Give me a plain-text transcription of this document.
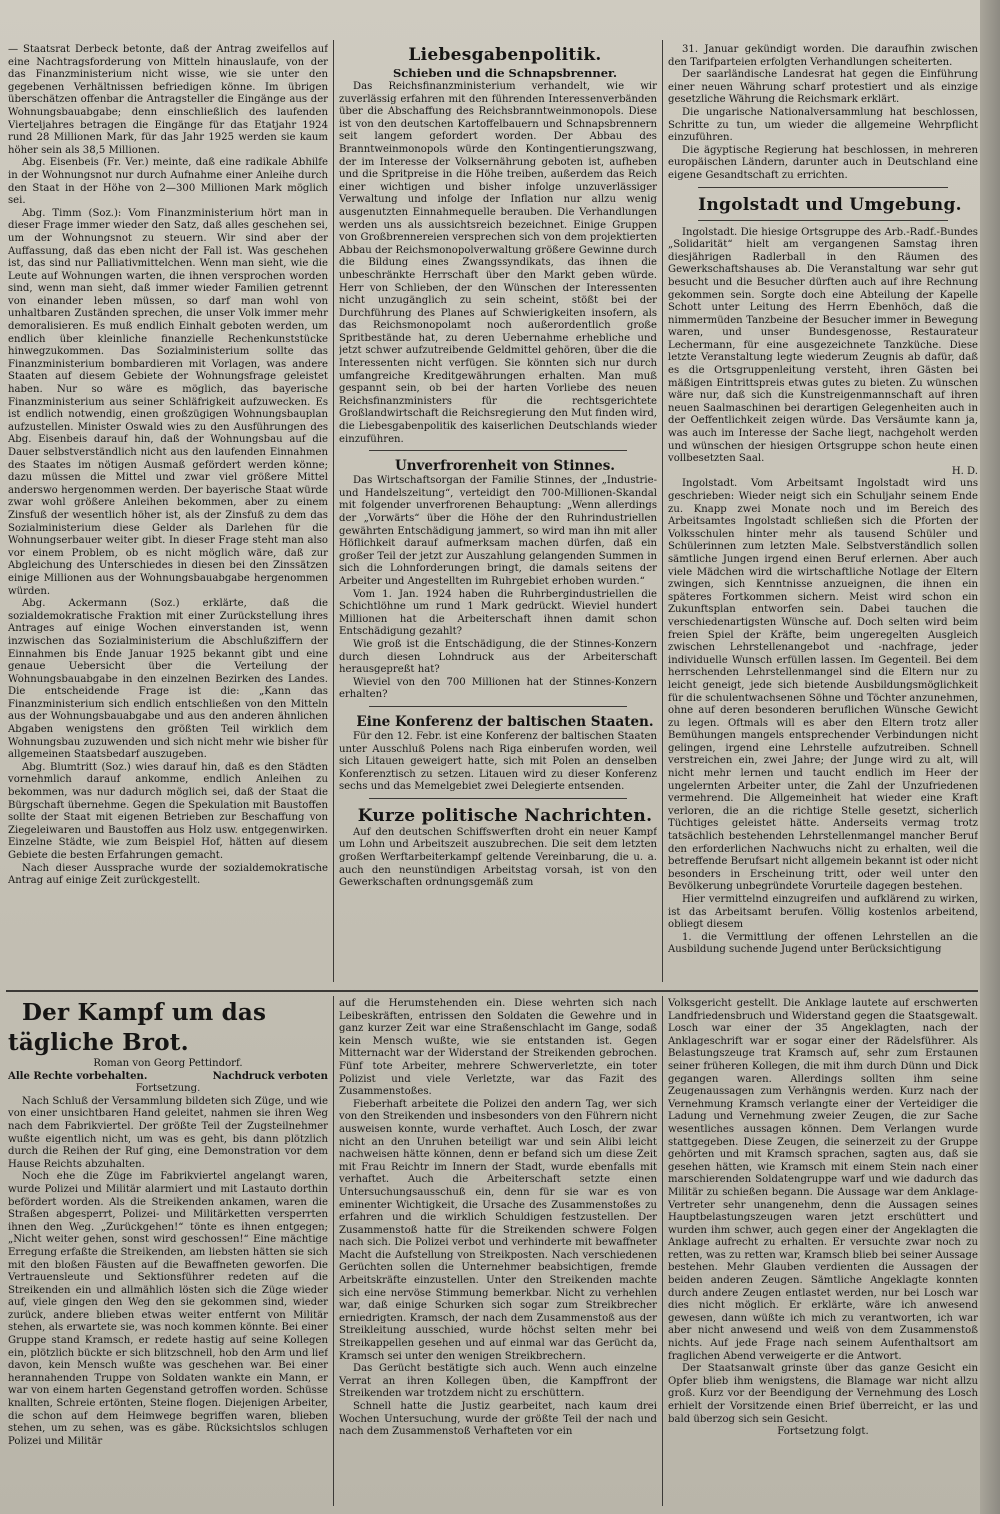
— Staatsrat Derbeck betonte, daß der Antrag zweifellos auf eine Nachtragsforderung von Mitteln hinauslaufe, von der das Finanzministerium nicht wisse, wie sie unter den gegebenen Verhältnissen befriedigen könne. Im übrigen überschätzen offenbar die Antragsteller die Eingänge aus der Wohnungsbauabgabe; denn einschließlich des laufenden Vierteljahres betragen die Eingänge für das Etatjahr 1924 rund 28 Millionen Mark, für das Jahr 1925 werden sie kaum höher sein als 38,5 Millionen.

Abg. Eisenbeis (Fr. Ver.) meinte, daß eine radikale Abhilfe in der Wohnungsnot nur durch Aufnahme einer Anleihe durch den Staat in der Höhe von 2—300 Millionen Mark möglich sei.

Abg. Timm (Soz.): Vom Finanzministerium hört man in dieser Frage immer wieder den Satz, daß alles geschehen sei, um der Wohnungsnot zu steuern. Wir sind aber der Auffassung, daß das eben nicht der Fall ist. Was geschehen ist, das sind nur Palliativmittelchen. Wenn man sieht, wie die Leute auf Wohnungen warten, die ihnen versprochen worden sind, wenn man sieht, daß immer wieder Familien getrennt von einander leben müssen, so darf man wohl von unhaltbaren Zuständen sprechen, die unser Volk immer mehr demoralisieren. Es muß endlich Einhalt geboten werden, um endlich über kleinliche finanzielle Rechenkunststücke hinwegzukommen. Das Sozialministerium sollte das Finanzministerium bombardieren mit Vorlagen, was andere Staaten auf diesem Gebiete der Wohnungsfrage geleistet haben. Nur so wäre es möglich, das bayerische Finanzministerium aus seiner Schläfrigkeit aufzuwecken. Es ist endlich notwendig, einen großzügigen Wohnungsbauplan aufzustellen. Minister Oswald wies zu den Ausführungen des Abg. Eisenbeis darauf hin, daß der Wohnungsbau auf die Dauer selbstverständlich nicht aus den laufenden Einnahmen des Staates im nötigen Ausmaß gefördert werden könne; dazu müssen die Mittel und zwar viel größere Mittel anderswo hergenommen werden. Der bayerische Staat würde zwar wohl größere Anleihen bekommen, aber zu einem Zinsfuß der wesentlich höher ist, als der Zinsfuß zu dem das Sozialministerium diese Gelder als Darlehen für die Wohnungserbauer weiter gibt. In dieser Frage steht man also vor einem Problem, ob es nicht möglich wäre, daß zur Abgleichung des Unterschiedes in diesen bei den Zinssätzen einige Millionen aus der Wohnungsbauabgabe hergenommen würden.

Abg. Ackermann (Soz.) erklärte, daß die sozialdemokratische Fraktion mit einer Zurückstellung ihres Antrages auf einige Wochen einverstanden ist, wenn inzwischen das Sozialministerium die Abschlußziffern der Einnahmen bis Ende Januar 1925 bekannt gibt und eine genaue Uebersicht über die Verteilung der Wohnungsbauabgabe in den einzelnen Bezirken des Landes. Die entscheidende Frage ist die: „Kann das Finanzministerium sich endlich entschließen von den Mitteln aus der Wohnungsbauabgabe und aus den anderen ähnlichen Abgaben wenigstens den größten Teil wirklich dem Wohnungsbau zuzuwenden und sich nicht mehr wie bisher für allgemeinen Staatsbedarf auszugeben.

Abg. Blumtritt (Soz.) wies darauf hin, daß es den Städten vornehmlich darauf ankomme, endlich Anleihen zu bekommen, was nur dadurch möglich sei, daß der Staat die Bürgschaft übernehme. Gegen die Spekulation mit Baustoffen sollte der Staat mit eigenen Betrieben zur Beschaffung von Ziegeleiwaren und Baustoffen aus Holz usw. entgegenwirken. Einzelne Städte, wie zum Beispiel Hof, hätten auf diesem Gebiete die besten Erfahrungen gemacht.

Nach dieser Aussprache wurde der sozialdemokratische Antrag auf einige Zeit zurückgestellt.

Liebesgabenpolitik.

Schieben und die Schnapsbrenner.

Das Reichsfinanzministerium verhandelt, wie wir zuverlässig erfahren mit den führenden Interessenverbänden über die Abschaffung des Reichsbranntweinmonopols. Diese ist von den deutschen Kartoffelbauern und Schnapsbrennern seit langem gefordert worden. Der Abbau des Branntweinmonopols würde den Kontingentierungszwang, der im Interesse der Volksernährung geboten ist, aufheben und die Spritpreise in die Höhe treiben, außerdem das Reich einer wichtigen und bisher infolge unzuverlässiger Verwaltung und infolge der Inflation nur allzu wenig ausgenutzten Einnahmequelle berauben. Die Verhandlungen werden uns als aussichtsreich bezeichnet. Einige Gruppen von Großbrennereien versprechen sich von dem projektierten Abbau der Reichsmonopolverwaltung größere Gewinne durch die Bildung eines Zwangssyndikats, das ihnen die unbeschränkte Herrschaft über den Markt geben würde. Herr von Schlieben, der den Wünschen der Interessenten nicht unzugänglich zu sein scheint, stößt bei der Durchführung des Planes auf Schwierigkeiten insofern, als das Reichsmonopolamt noch außerordentlich große Spritbestände hat, zu deren Uebernahme erhebliche und jetzt schwer aufzutreibende Geldmittel gehören, über die die Interessenten nicht verfügen. Sie könnten sich nur durch umfangreiche Kreditgewährungen erhalten. Man muß gespannt sein, ob bei der harten Vorliebe des neuen Reichsfinanzministers für die rechtsgerichtete Großlandwirtschaft die Reichsregierung den Mut finden wird, die Liebesgabenpolitik des kaiserlichen Deutschlands wieder einzuführen.

Unverfrorenheit von Stinnes.

Das Wirtschaftsorgan der Familie Stinnes, der „Industrie- und Handelszeitung“, verteidigt den 700-Millionen-Skandal mit folgender unverfrorenen Behauptung: „Wenn allerdings der „Vorwärts“ über die Höhe der den Ruhrindustriellen gewährten Entschädigung jammert, so wird man ihn mit aller Höflichkeit darauf aufmerksam machen dürfen, daß ein großer Teil der jetzt zur Auszahlung gelangenden Summen in sich die Lohnforderungen bringt, die damals seitens der Arbeiter und Angestellten im Ruhrgebiet erhoben wurden.“

Vom 1. Jan. 1924 haben die Ruhrbergindustriellen die Schichtlöhne um rund 1 Mark gedrückt. Wieviel hundert Millionen hat die Arbeiterschaft ihnen damit schon Entschädigung gezahlt?

Wie groß ist die Entschädigung, die der Stinnes-Konzern durch diesen Lohndruck aus der Arbeiterschaft herausgepreßt hat?

Wieviel von den 700 Millionen hat der Stinnes-Konzern erhalten?

Eine Konferenz der baltischen Staaten.

Für den 12. Febr. ist eine Konferenz der baltischen Staaten unter Ausschluß Polens nach Riga einberufen worden, weil sich Litauen geweigert hatte, sich mit Polen an denselben Konferenztisch zu setzen. Litauen wird zu dieser Konferenz sechs und das Memelgebiet zwei Delegierte entsenden.

Kurze politische Nachrichten.

Auf den deutschen Schiffswerften droht ein neuer Kampf um Lohn und Arbeitszeit auszubrechen. Die seit dem letzten großen Werftarbeiterkampf geltende Vereinbarung, die u. a. auch den neunstündigen Arbeitstag vorsah, ist von den Gewerkschaften ordnungsgemäß zum

31. Januar gekündigt worden. Die daraufhin zwischen den Tarifparteien erfolgten Verhandlungen scheiterten.

Der saarländische Landesrat hat gegen die Einführung einer neuen Währung scharf protestiert und als einzige gesetzliche Währung die Reichsmark erklärt.

Die ungarische Nationalversammlung hat beschlossen, Schritte zu tun, um wieder die allgemeine Wehrpflicht einzuführen.

Die ägyptische Regierung hat beschlossen, in mehreren europäischen Ländern, darunter auch in Deutschland eine eigene Gesandtschaft zu errichten.

Ingolstadt und Umgebung.

Ingolstadt. Die hiesige Ortsgruppe des Arb.-Radf.-Bundes „Solidarität“ hielt am vergangenen Samstag ihren diesjährigen Radlerball in den Räumen des Gewerkschaftshauses ab. Die Veranstaltung war sehr gut besucht und die Besucher dürften auch auf ihre Rechnung gekommen sein. Sorgte doch eine Abteilung der Kapelle Schott unter Leitung des Herrn Ebenhöch, daß die nimmermüden Tanzbeine der Besucher immer in Bewegung waren, und unser Bundesgenosse, Restaurateur Lechermann, für eine ausgezeichnete Tanzküche. Diese letzte Veranstaltung legte wiederum Zeugnis ab dafür, daß es die Ortsgruppenleitung versteht, ihren Gästen bei mäßigen Eintrittspreis etwas gutes zu bieten. Zu wünschen wäre nur, daß sich die Kunstreigenmannschaft auf ihren neuen Saalmaschinen bei derartigen Gelegenheiten auch in der Oeffentlichkeit zeigen würde. Das Versäumte kann ja, was auch im Interesse der Sache liegt, nachgeholt werden und wünschen der hiesigen Ortsgruppe schon heute einen vollbesetzten Saal.

H. D.

Ingolstadt. Vom Arbeitsamt Ingolstadt wird uns geschrieben: Wieder neigt sich ein Schuljahr seinem Ende zu. Knapp zwei Monate noch und im Bereich des Arbeitsamtes Ingolstadt schließen sich die Pforten der Volksschulen hinter mehr als tausend Schüler und Schülerinnen zum letzten Male. Selbstverständlich sollen sämtliche Jungen irgend einen Beruf erlernen. Aber auch viele Mädchen wird die wirtschaftliche Notlage der Eltern zwingen, sich Kenntnisse anzueignen, die ihnen ein späteres Fortkommen sichern. Meist wird schon ein Zukunftsplan entworfen sein. Dabei tauchen die verschiedenartigsten Wünsche auf. Doch selten wird beim freien Spiel der Kräfte, beim ungeregelten Ausgleich zwischen Lehrstellenangebot und -nachfrage, jeder individuelle Wunsch erfüllen lassen. Im Gegenteil. Bei dem herrschenden Lehrstellenmangel sind die Eltern nur zu leicht geneigt, jede sich bietende Ausbildungsmöglichkeit für die schulentwachsenen Söhne und Töchter anzunehmen, ohne auf deren besonderen beruflichen Wünsche Gewicht zu legen. Oftmals will es aber den Eltern trotz aller Bemühungen mangels entsprechender Verbindungen nicht gelingen, irgend eine Lehrstelle aufzutreiben. Schnell verstreichen ein, zwei Jahre; der Junge wird zu alt, will nicht mehr lernen und taucht endlich im Heer der ungelernten Arbeiter unter, die Zahl der Unzufriedenen vermehrend. Die Allgemeinheit hat wieder eine Kraft verloren, die an die richtige Stelle gesetzt, sicherlich Tüchtiges geleistet hätte. Anderseits vermag trotz tatsächlich bestehenden Lehrstellenmangel mancher Beruf den erforderlichen Nachwuchs nicht zu erhalten, weil die betreffende Berufsart nicht allgemein bekannt ist oder nicht besonders in Erscheinung tritt, oder weil unter den Bevölkerung unbegründete Vorurteile dagegen bestehen.

Hier vermittelnd einzugreifen und aufklärend zu wirken, ist das Arbeitsamt berufen. Völlig kostenlos arbeitend, obliegt diesem

1. die Vermittlung der offenen Lehrstellen an die Ausbildung suchende Jugend unter Berücksichtigung

Der Kampf um das tägliche Brot.

Roman von Georg Pettindorf.

Alle Rechte vorbehalten.	Nachdruck verboten

Fortsetzung.

Nach Schluß der Versammlung bildeten sich Züge, und wie von einer unsichtbaren Hand geleitet, nahmen sie ihren Weg nach dem Fabrikviertel. Der größte Teil der Zugsteilnehmer wußte eigentlich nicht, um was es geht, bis dann plötzlich durch die Reihen der Ruf ging, eine Demonstration vor dem Hause Reichts abzuhalten.

Noch ehe die Züge im Fabrikviertel angelangt waren, wurde Polizei und Militär alarmiert und mit Lastauto dorthin befördert worden. Als die Streikenden ankamen, waren die Straßen abgesperrt, Polizei- und Militärketten versperrten ihnen den Weg. „Zurückgehen!“ tönte es ihnen entgegen; „Nicht weiter gehen, sonst wird geschossen!“ Eine mächtige Erregung erfaßte die Streikenden, am liebsten hätten sie sich mit den bloßen Fäusten auf die Bewaffneten geworfen. Die Vertrauensleute und Sektionsführer redeten auf die Streikenden ein und allmählich lösten sich die Züge wieder auf, viele gingen den Weg den sie gekommen sind, wieder zurück, andere blieben etwas weiter entfernt von Militär stehen, als erwartete sie, was noch kommen könnte. Bei einer Gruppe stand Kramsch, er redete hastig auf seine Kollegen ein, plötzlich bückte er sich blitzschnell, hob den Arm und lief davon, kein Mensch wußte was geschehen war. Bei einer herannahenden Truppe von Soldaten wankte ein Mann, er war von einem harten Gegenstand getroffen worden. Schüsse knallten, Schreie ertönten, Steine flogen. Diejenigen Arbeiter, die schon auf dem Heimwege begriffen waren, blieben stehen, um zu sehen, was es gäbe. Rücksichtslos schlugen Polizei und Militär

auf die Herumstehenden ein. Diese wehrten sich nach Leibeskräften, entrissen den Soldaten die Gewehre und in ganz kurzer Zeit war eine Straßenschlacht im Gange, sodaß kein Mensch wußte, wie sie entstanden ist. Gegen Mitternacht war der Widerstand der Streikenden gebrochen. Fünf tote Arbeiter, mehrere Schwerverletzte, ein toter Polizist und viele Verletzte, war das Fazit des Zusammenstoßes.

Fieberhaft arbeitete die Polizei den andern Tag, wer sich von den Streikenden und insbesonders von den Führern nicht ausweisen konnte, wurde verhaftet. Auch Losch, der zwar nicht an den Unruhen beteiligt war und sein Alibi leicht nachweisen hätte können, denn er befand sich um diese Zeit mit Frau Reichtr im Innern der Stadt, wurde ebenfalls mit verhaftet. Auch die Arbeiterschaft setzte einen Untersuchungsausschuß ein, denn für sie war es von eminenter Wichtigkeit, die Ursache des Zusammenstoßes zu erfahren und die wirklich Schuldigen festzustellen. Der Zusammenstoß hatte für die Streikenden schwere Folgen nach sich. Die Polizei verbot und verhinderte mit bewaffneter Macht die Aufstellung von Streikposten. Nach verschiedenen Gerüchten sollen die Unternehmer beabsichtigen, fremde Arbeitskräfte einzustellen. Unter den Streikenden machte sich eine nervöse Stimmung bemerkbar. Nicht zu verhehlen war, daß einige Schurken sich sogar zum Streikbrecher erniedrigten. Kramsch, der nach dem Zusammenstoß aus der Streikleitung ausschied, wurde höchst selten mehr bei Streikappellen gesehen und auf einmal war das Gerücht da, Kramsch sei unter den wenigen Streikbrechern.

Das Gerücht bestätigte sich auch. Wenn auch einzelne Verrat an ihren Kollegen üben, die Kampffront der Streikenden war trotzdem nicht zu erschüttern.

Schnell hatte die Justiz gearbeitet, nach kaum drei Wochen Untersuchung, wurde der größte Teil der nach und nach dem Zusammenstoß Verhafteten vor ein

Volksgericht gestellt. Die Anklage lautete auf erschwerten Landfriedensbruch und Widerstand gegen die Staatsgewalt. Losch war einer der 35 Angeklagten, nach der Anklageschrift war er sogar einer der Rädelsführer. Als Belastungszeuge trat Kramsch auf, sehr zum Erstaunen seiner früheren Kollegen, die mit ihm durch Dünn und Dick gegangen waren. Allerdings sollten ihm seine Zeugenaussagen zum Verhängnis werden. Kurz nach der Vernehmung Kramsch verlangte einer der Verteidiger die Ladung und Vernehmung zweier Zeugen, die zur Sache wesentliches aussagen können. Dem Verlangen wurde stattgegeben. Diese Zeugen, die seinerzeit zu der Gruppe gehörten und mit Kramsch sprachen, sagten aus, daß sie gesehen hätten, wie Kramsch mit einem Stein nach einer marschierenden Soldatengruppe warf und wie dadurch das Militär zu schießen begann. Die Aussage war dem Anklage-Vertreter sehr unangenehm, denn die Aussagen seines Hauptbelastungszeugen waren jetzt erschüttert und wurden ihm schwer, auch gegen einer der Angeklagten die Anklage aufrecht zu erhalten. Er versuchte zwar noch zu retten, was zu retten war, Kramsch blieb bei seiner Aussage bestehen. Mehr Glauben verdienten die Aussagen der beiden anderen Zeugen. Sämtliche Angeklagte konnten durch andere Zeugen entlastet werden, nur bei Losch war dies nicht möglich. Er erklärte, wäre ich anwesend gewesen, dann wüßte ich mich zu verantworten, ich war aber nicht anwesend und weiß von dem Zusammenstoß nichts. Auf jede Frage nach seinem Aufenthaltsort am fraglichen Abend verweigerte er die Antwort.

Der Staatsanwalt grinste über das ganze Gesicht ein Opfer blieb ihm wenigstens, die Blamage war nicht allzu groß. Kurz vor der Beendigung der Vernehmung des Losch erhielt der Vorsitzende einen Brief überreicht, er las und bald überzog sich sein Gesicht.

Fortsetzung folgt.
